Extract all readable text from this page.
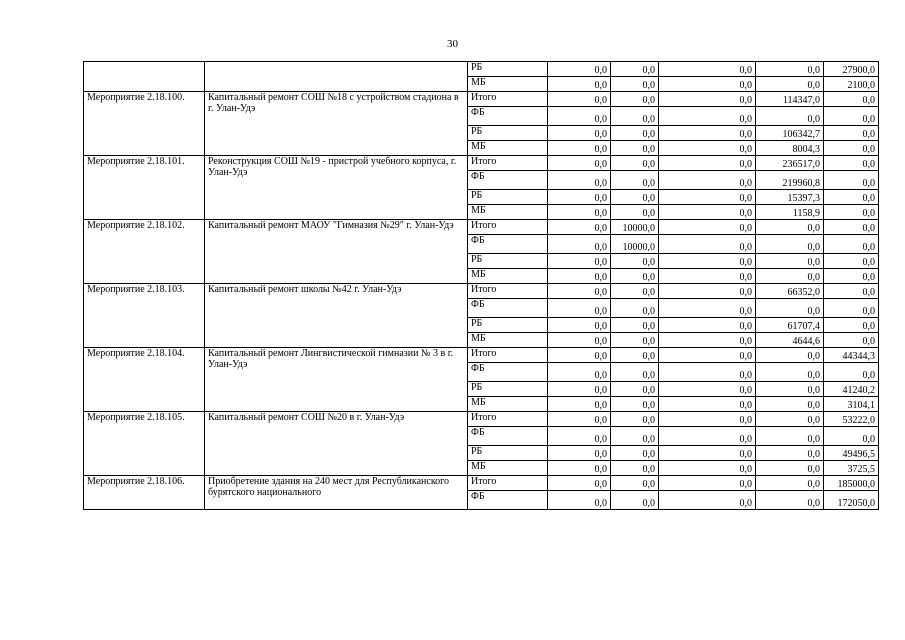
30
		РБ	0,0	0,0	0,0	0,0	27900,0
		МБ	0,0	0,0	0,0	0,0	2100,0
Мероприятие 2.18.100.	Капитальный ремонт СОШ №18 с устройством стадиона в г. Улан-Удэ	Итого	0,0	0,0	0,0	114347,0	0,0
		ФБ	0,0	0,0	0,0	0,0	0,0
		РБ	0,0	0,0	0,0	106342,7	0,0
		МБ	0,0	0,0	0,0	8004,3	0,0
Мероприятие 2.18.101.	Реконструкция СОШ №19 - пристрой учебного корпуса, г. Улан-Удэ	Итого	0,0	0,0	0,0	236517,0	0,0
		ФБ	0,0	0,0	0,0	219960,8	0,0
		РБ	0,0	0,0	0,0	15397,3	0,0
		МБ	0,0	0,0	0,0	1158,9	0,0
Мероприятие 2.18.102.	Капитальный ремонт МАОУ "Гимназия №29" г. Улан-Удэ	Итого	0,0	10000,0	0,0	0,0	0,0
		ФБ	0,0	10000,0	0,0	0,0	0,0
		РБ	0,0	0,0	0,0	0,0	0,0
		МБ	0,0	0,0	0,0	0,0	0,0
Мероприятие 2.18.103.	Капитальный ремонт школы №42 г. Улан-Удэ	Итого	0,0	0,0	0,0	66352,0	0,0
		ФБ	0,0	0,0	0,0	0,0	0,0
		РБ	0,0	0,0	0,0	61707,4	0,0
		МБ	0,0	0,0	0,0	4644,6	0,0
Мероприятие 2.18.104.	Капитальный ремонт Лингвистической гимназии № 3 в г. Улан-Удэ	Итого	0,0	0,0	0,0	0,0	44344,3
		ФБ	0,0	0,0	0,0	0,0	0,0
		РБ	0,0	0,0	0,0	0,0	41240,2
		МБ	0,0	0,0	0,0	0,0	3104,1
Мероприятие 2.18.105.	Капитальный ремонт СОШ №20 в г. Улан-Удэ	Итого	0,0	0,0	0,0	0,0	53222,0
		ФБ	0,0	0,0	0,0	0,0	0,0
		РБ	0,0	0,0	0,0	0,0	49496,5
		МБ	0,0	0,0	0,0	0,0	3725,5
Мероприятие 2.18.106.	Приобретение здания на 240 мест для Республиканского бурятского национального	Итого	0,0	0,0	0,0	0,0	185000,0
		ФБ	0,0	0,0	0,0	0,0	172050,0
